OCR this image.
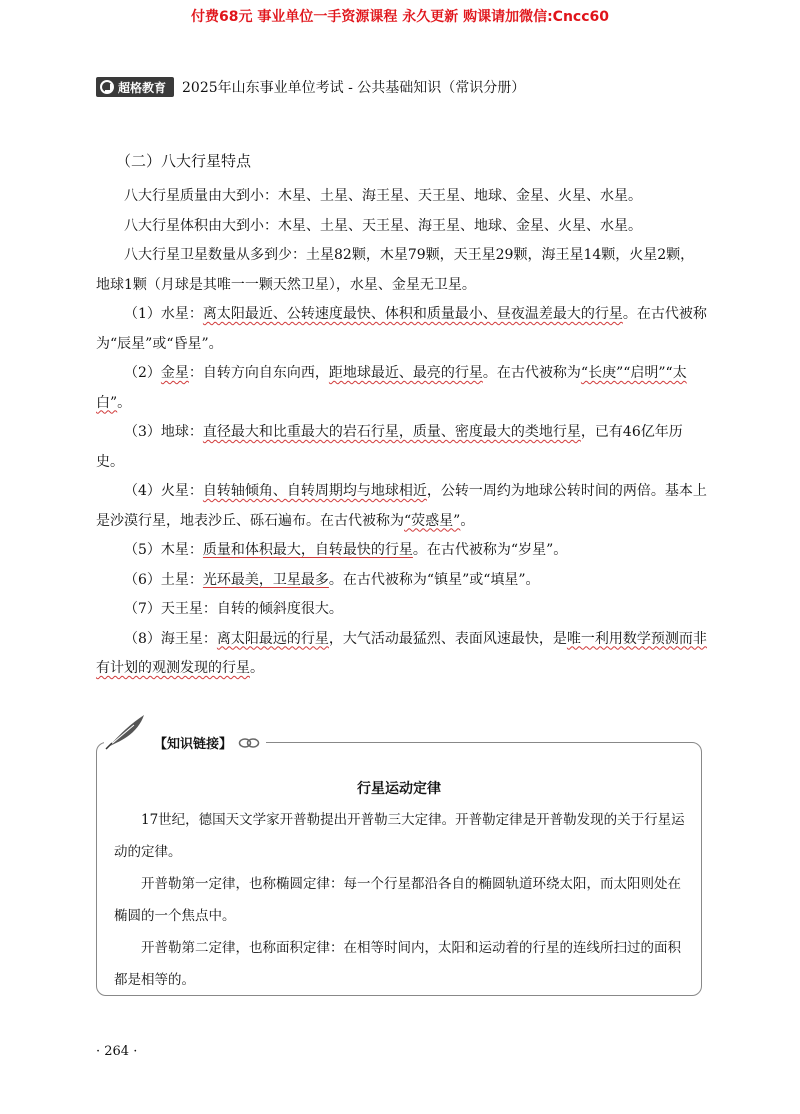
付费68元 事业单位一手资源课程 永久更新 购课请加微信:Cncc60
超格教育 2025年山东事业单位考试 - 公共基础知识（常识分册）
（二）八大行星特点

八大行星质量由大到小：木星、土星、海王星、天王星、地球、金星、火星、水星。

八大行星体积由大到小：木星、土星、天王星、海王星、地球、金星、火星、水星。

八大行星卫星数量从多到少：土星82颗，木星79颗，天王星29颗，海王星14颗，火星2颗，地球1颗（月球是其唯一一颗天然卫星），水星、金星无卫星。

（1）水星：离太阳最近、公转速度最快、体积和质量最小、昼夜温差最大的行星。在古代被称为“辰星”或“昏星”。

（2）金星：自转方向自东向西，距地球最近、最亮的行星。在古代被称为“长庚”“启明”“太白”。

（3）地球：直径最大和比重最大的岩石行星，质量、密度最大的类地行星，已有46亿年历史。

（4）火星：自转轴倾角、自转周期均与地球相近，公转一周约为地球公转时间的两倍。基本上是沙漠行星，地表沙丘、砾石遍布。在古代被称为“荧惑星”。

（5）木星：质量和体积最大，自转最快的行星。在古代被称为“岁星”。

（6）土星：光环最美，卫星最多。在古代被称为“镇星”或“填星”。

（7）天王星：自转的倾斜度很大。

（8）海王星：离太阳最远的行星，大气活动最猛烈、表面风速最快，是唯一利用数学预测而非有计划的观测发现的行星。

【知识链接】
行星运动定律

17世纪，德国天文学家开普勒提出开普勒三大定律。开普勒定律是开普勒发现的关于行星运动的定律。

开普勒第一定律，也称椭圆定律：每一个行星都沿各自的椭圆轨道环绕太阳，而太阳则处在椭圆的一个焦点中。

开普勒第二定律，也称面积定律：在相等时间内，太阳和运动着的行星的连线所扫过的面积都是相等的。

· 264 ·
